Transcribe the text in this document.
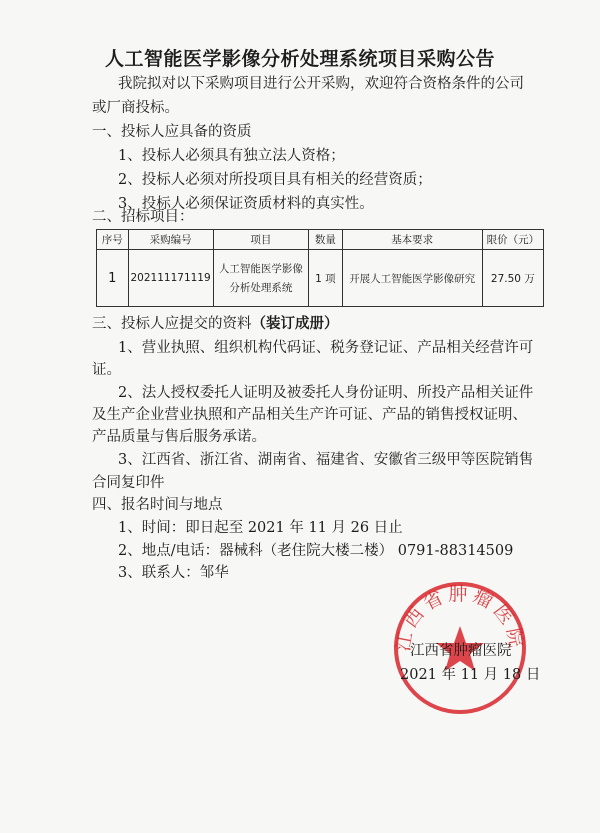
人工智能医学影像分析处理系统项目采购公告
我院拟对以下采购项目进行公开采购，欢迎符合资格条件的公司
或厂商投标。
一、投标人应具备的资质
1、投标人必须具有独立法人资格；
2、投标人必须对所投项目具有相关的经营资质；
3、投标人必须保证资质材料的真实性。
二、招标项目：
序号	采购编号	项目	数量	基本要求	限价（元）
1	202111171119	人工智能医学影像
分析处理系统	1 项	开展人工智能医学影像研究	27.50 万
三、投标人应提交的资料（装订成册）
1、营业执照、组织机构代码证、税务登记证、产品相关经营许可
证。
2、法人授权委托人证明及被委托人身份证明、所投产品相关证件
及生产企业营业执照和产品相关生产许可证、产品的销售授权证明、
产品质量与售后服务承诺。
3、江西省、浙江省、湖南省、福建省、安徽省三级甲等医院销售
合同复印件
四、报名时间与地点
1、时间：即日起至 2021 年 11 月 26 日止
2、地点/电话：器械科（老住院大楼二楼） 0791-88314509
3、联系人：邹华
江西省肿瘤医院
江西省肿瘤医院
2021 年 11 月 18 日
